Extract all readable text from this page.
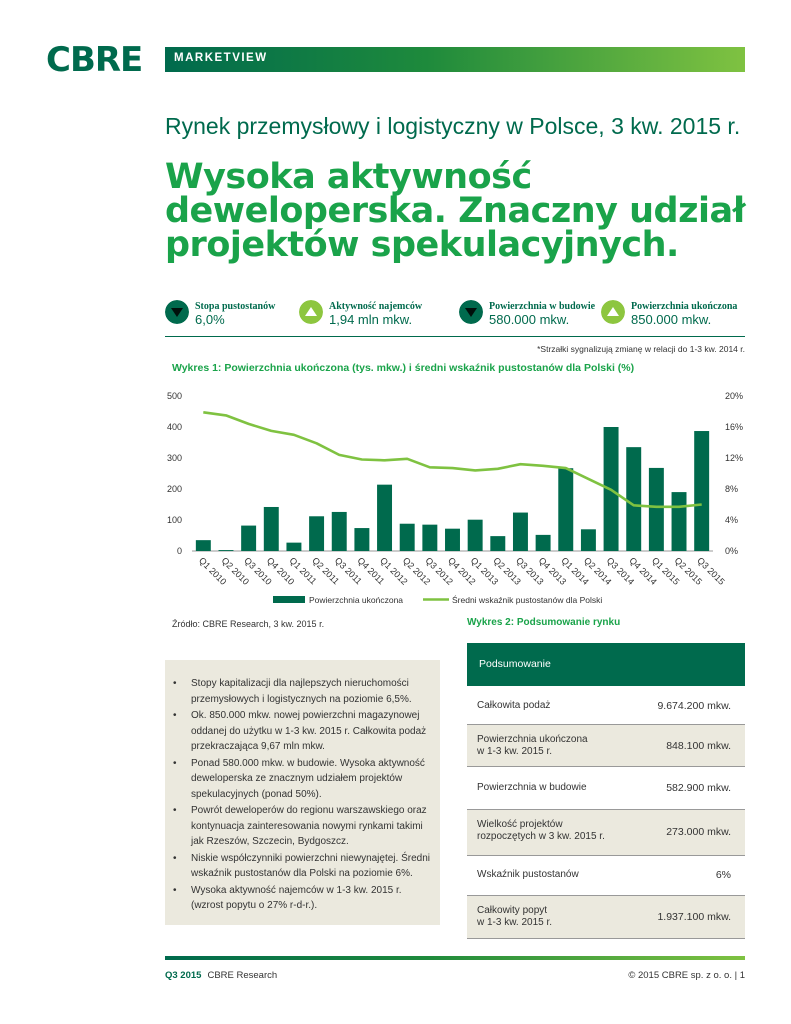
CBRE	MARKETVIEW
Rynek przemysłowy i logistyczny w Polsce, 3 kw. 2015 r.
Wysoka aktywność deweloperska. Znaczny udział projektów spekulacyjnych.
Stopa pustostanów
6,0%
Aktywność najemców
1,94 mln mkw.
Powierzchnia w budowie
580.000 mkw.
Powierzchnia ukończona
850.000 mkw.
*Strzałki sygnalizują zmianę w relacji do 1-3 kw. 2014 r.
Wykres 1: Powierzchnia ukończona (tys. mkw.) i średni wskaźnik pustostanów dla Polski (%)
0
100
200
300
400
500
0%
4%
8%
12%
16%
20%
Q1 2010
Q2 2010
Q3 2010
Q4 2010
Q1 2011
Q2 2011
Q3 2011
Q4 2011
Q1 2012
Q2 2012
Q3 2012
Q4 2012
Q1 2013
Q2 2013
Q3 2013
Q4 2013
Q1 2014
Q2 2014
Q3 2014
Q4 2014
Q1 2015
Q2 2015
Q3 2015
Powierzchnia ukończona	Średni wskaźnik pustostanów dla Polski
Źródło: CBRE Research, 3 kw. 2015 r.	Wykres 2: Podsumowanie rynku
• Stopy kapitalizacji dla najlepszych nieruchomości przemysłowych i logistycznych na poziomie 6,5%.
• Ok. 850.000 mkw. nowej powierzchni magazynowej oddanej do użytku w 1-3 kw. 2015 r. Całkowita podaż przekraczająca 9,67 mln mkw.
• Ponad 580.000 mkw. w budowie. Wysoka aktywność deweloperska ze znacznym udziałem projektów spekulacyjnych (ponad 50%).
• Powrót deweloperów do regionu warszawskiego oraz kontynuacja zainteresowania nowymi rynkami takimi jak Rzeszów, Szczecin, Bydgoszcz.
• Niskie współczynniki powierzchni niewynajętej. Średni wskaźnik pustostanów dla Polski na poziomie 6%.
• Wysoka aktywność najemców w 1-3 kw. 2015 r. (wzrost popytu o 27% r-d-r.).
Podsumowanie
Całkowita podaż	9.674.200 mkw.
Powierzchnia ukończona
w 1-3 kw. 2015 r.	848.100 mkw.
Powierzchnia w budowie	582.900 mkw.
Wielkość projektów
rozpoczętych w 3 kw. 2015 r.	273.000 mkw.
Wskaźnik pustostanów	6%
Całkowity popyt
w 1-3 kw. 2015 r.	1.937.100 mkw.
Q3 2015 CBRE Research	© 2015 CBRE sp. z o. o. | 1
